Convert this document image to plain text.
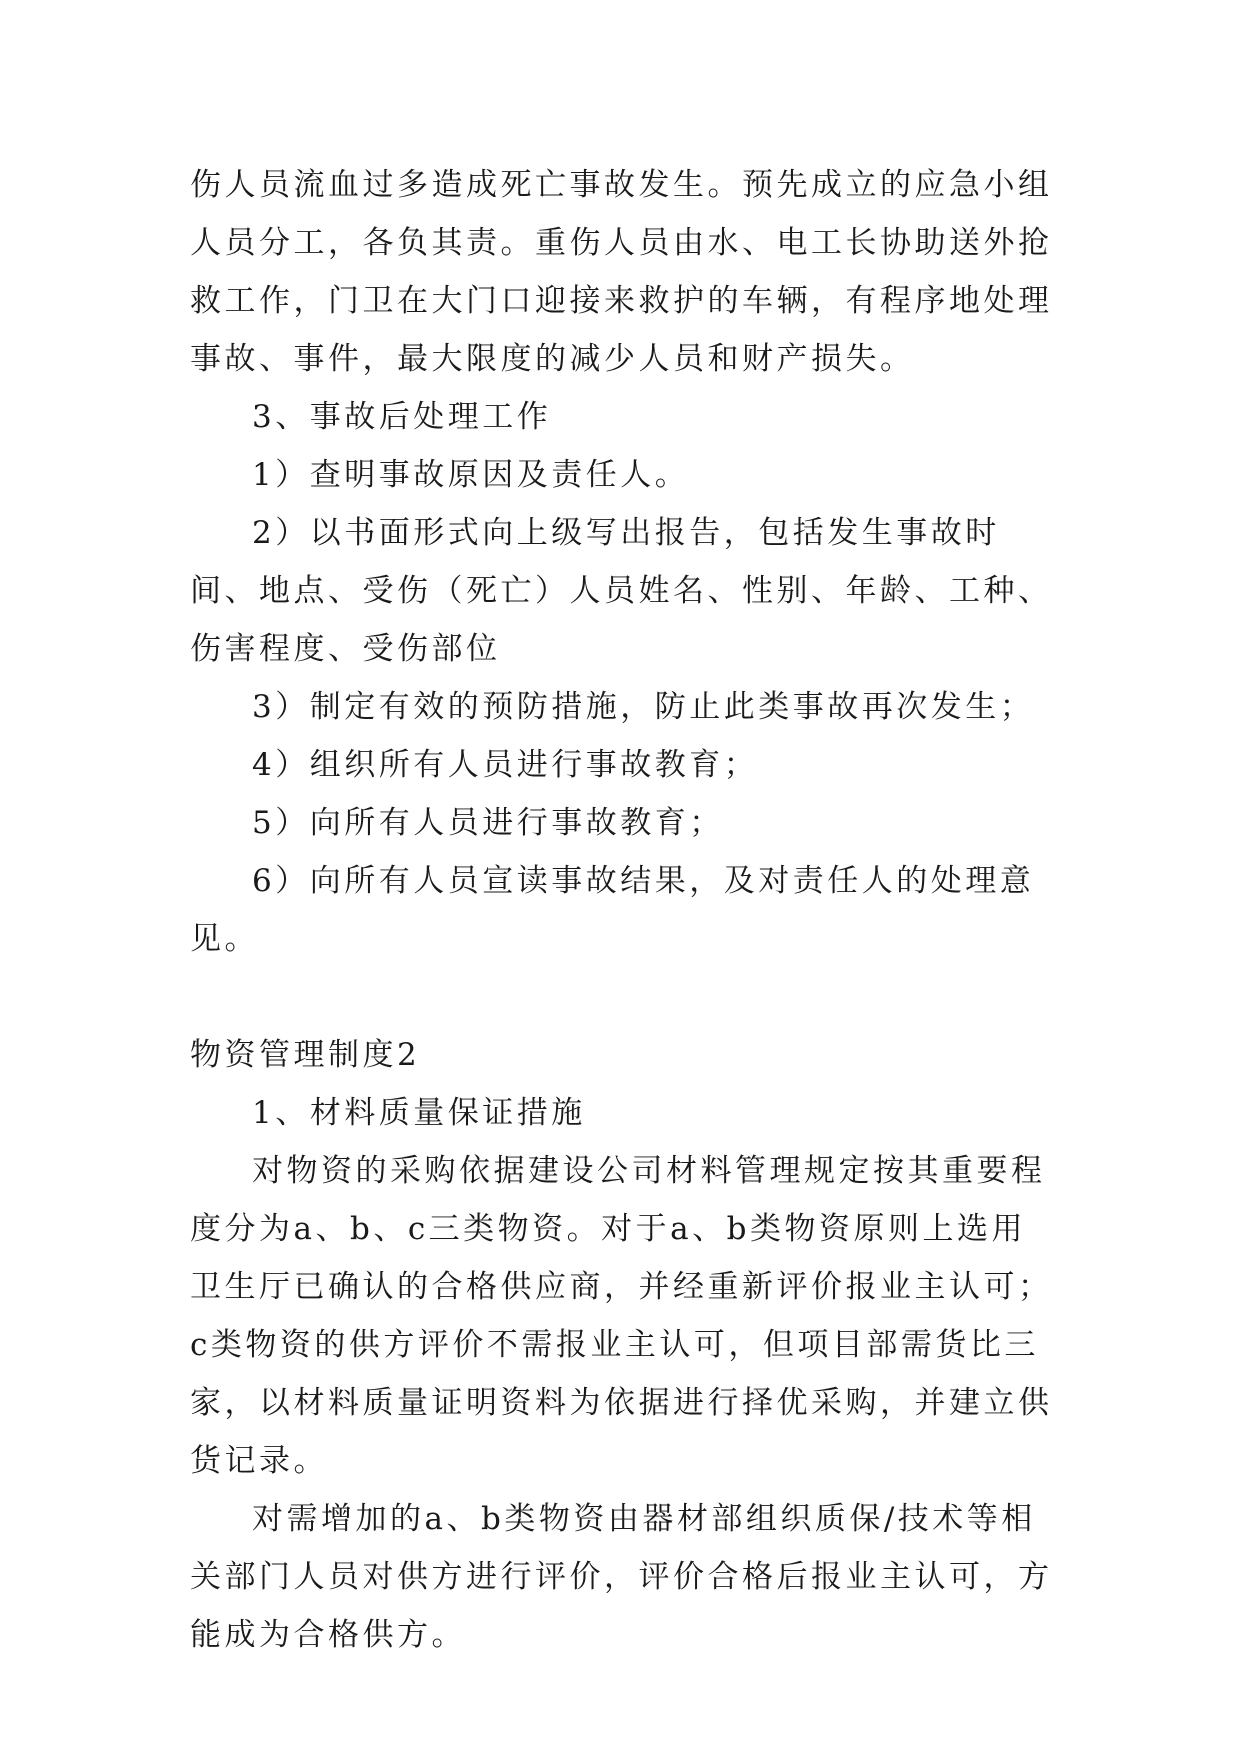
伤人员流血过多造成死亡事故发生。预先成立的应急小组人员分工，各负其责。重伤人员由水、电工长协助送外抢救工作，门卫在大门口迎接来救护的车辆，有程序地处理事故、事件，最大限度的减少人员和财产损失。

3、事故后处理工作

1）查明事故原因及责任人。

2）以书面形式向上级写出报告，包括发生事故时间、地点、受伤（死亡）人员姓名、性别、年龄、工种、伤害程度、受伤部位

3）制定有效的预防措施，防止此类事故再次发生；

4）组织所有人员进行事故教育；

5）向所有人员进行事故教育；

6）向所有人员宣读事故结果，及对责任人的处理意见。

物资管理制度2

1、材料质量保证措施

对物资的采购依据建设公司材料管理规定按其重要程度分为a、b、c三类物资。对于a、b类物资原则上选用卫生厅已确认的合格供应商，并经重新评价报业主认可；c类物资的供方评价不需报业主认可，但项目部需货比三家，以材料质量证明资料为依据进行择优采购，并建立供货记录。

对需增加的a、b类物资由器材部组织质保/技术等相关部门人员对供方进行评价，评价合格后报业主认可，方能成为合格供方。
